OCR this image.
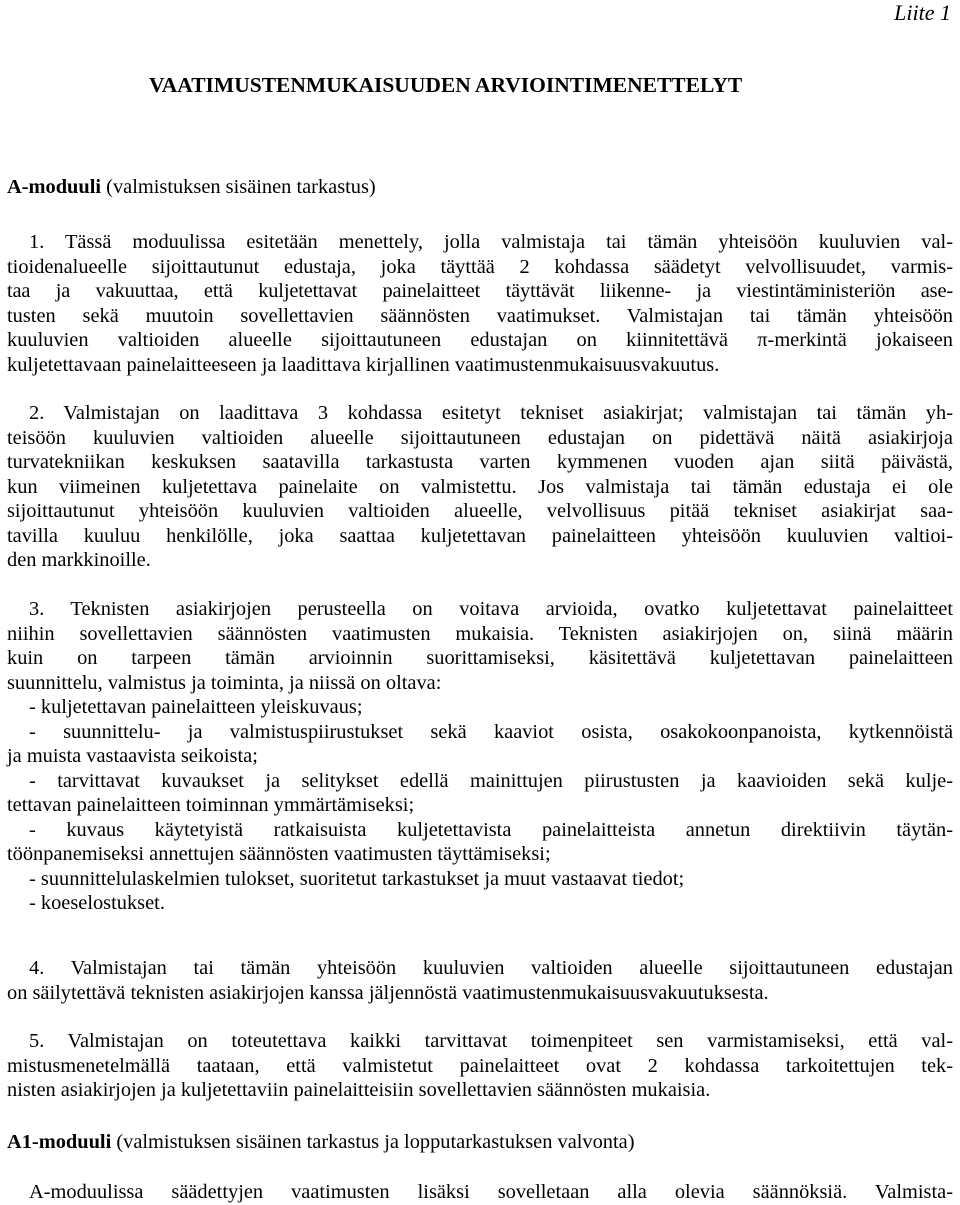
Liite 1
VAATIMUSTENMUKAISUUDEN ARVIOINTIMENETTELYT
A-moduuli (valmistuksen sisäinen tarkastus)
1. Tässä moduulissa esitetään menettely, jolla valmistaja tai tämän yhteisöön kuuluvien val-
tioidenalueelle sijoittautunut edustaja, joka täyttää 2 kohdassa säädetyt velvollisuudet, varmis-
taa ja vakuuttaa, että kuljetettavat painelaitteet täyttävät liikenne- ja viestintäministeriön ase-
tusten sekä muutoin sovellettavien säännösten vaatimukset. Valmistajan tai tämän yhteisöön
kuuluvien valtioiden alueelle sijoittautuneen edustajan on kiinnitettävä π-merkintä jokaiseen
kuljetettavaan painelaitteeseen ja laadittava kirjallinen vaatimustenmukaisuusvakuutus.
2. Valmistajan on laadittava 3 kohdassa esitetyt tekniset asiakirjat; valmistajan tai tämän yh-
teisöön kuuluvien valtioiden alueelle sijoittautuneen edustajan on pidettävä näitä asiakirjoja
turvatekniikan keskuksen saatavilla tarkastusta varten kymmenen vuoden ajan siitä päivästä,
kun viimeinen kuljetettava painelaite on valmistettu. Jos valmistaja tai tämän edustaja ei ole
sijoittautunut yhteisöön kuuluvien valtioiden alueelle, velvollisuus pitää tekniset asiakirjat saa-
tavilla kuuluu henkilölle, joka saattaa kuljetettavan painelaitteen yhteisöön kuuluvien valtioi-
den markkinoille.
3. Teknisten asiakirjojen perusteella on voitava arvioida, ovatko kuljetettavat painelaitteet
niihin sovellettavien säännösten vaatimusten mukaisia. Teknisten asiakirjojen on, siinä määrin
kuin on tarpeen tämän arvioinnin suorittamiseksi, käsitettävä kuljetettavan painelaitteen
suunnittelu, valmistus ja toiminta, ja niissä on oltava:
- kuljetettavan painelaitteen yleiskuvaus;
- suunnittelu- ja valmistuspiirustukset sekä kaaviot osista, osakokoonpanoista, kytkennöistä
ja muista vastaavista seikoista;
- tarvittavat kuvaukset ja selitykset edellä mainittujen piirustusten ja kaavioiden sekä kulje-
tettavan painelaitteen toiminnan ymmärtämiseksi;
- kuvaus käytetyistä ratkaisuista kuljetettavista painelaitteista annetun direktiivin täytän-
töönpanemiseksi annettujen säännösten vaatimusten täyttämiseksi;
- suunnittelulaskelmien tulokset, suoritetut tarkastukset ja muut vastaavat tiedot;
- koeselostukset.
4. Valmistajan tai tämän yhteisöön kuuluvien valtioiden alueelle sijoittautuneen edustajan
on säilytettävä teknisten asiakirjojen kanssa jäljennöstä vaatimustenmukaisuusvakuutuksesta.
5. Valmistajan on toteutettava kaikki tarvittavat toimenpiteet sen varmistamiseksi, että val-
mistusmenetelmällä taataan, että valmistetut painelaitteet ovat 2 kohdassa tarkoitettujen tek-
nisten asiakirjojen ja kuljetettaviin painelaitteisiin sovellettavien säännösten mukaisia.
A1-moduuli (valmistuksen sisäinen tarkastus ja lopputarkastuksen valvonta)
A-moduulissa säädettyjen vaatimusten lisäksi sovelletaan alla olevia säännöksiä. Valmista-
